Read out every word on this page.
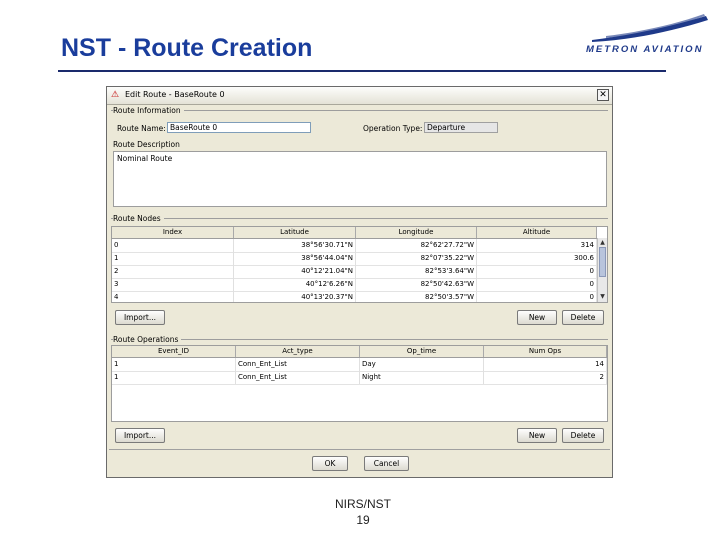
NST - Route Creation	METRON AVIATION
NIRS/NST
19
⚠ Edit Route - BaseRoute 0	✕
Route Information
Route Name: BaseRoute 0	Operation Type: Departure
Route Description
Nominal Route
Route Nodes
Index	Latitude	Longitude	Altitude
0	38°56'30.71"N	82°62'27.72"W	314
1	38°56'44.04"N	82°07'35.22"W	300.6
2	40°12'21.04"N	82°53'3.64"W	0
3	40°12'6.26"N	82°50'42.63"W	0
4	40°13'20.37"N	82°50'3.57"W	0
▲
▼
Import...	New	Delete
Route Operations
Event_ID	Act_type	Op_time	Num Ops
1	Conn_Ent_List	Day	14
1	Conn_Ent_List	Night	2
Import...	New	Delete
OK	Cancel
